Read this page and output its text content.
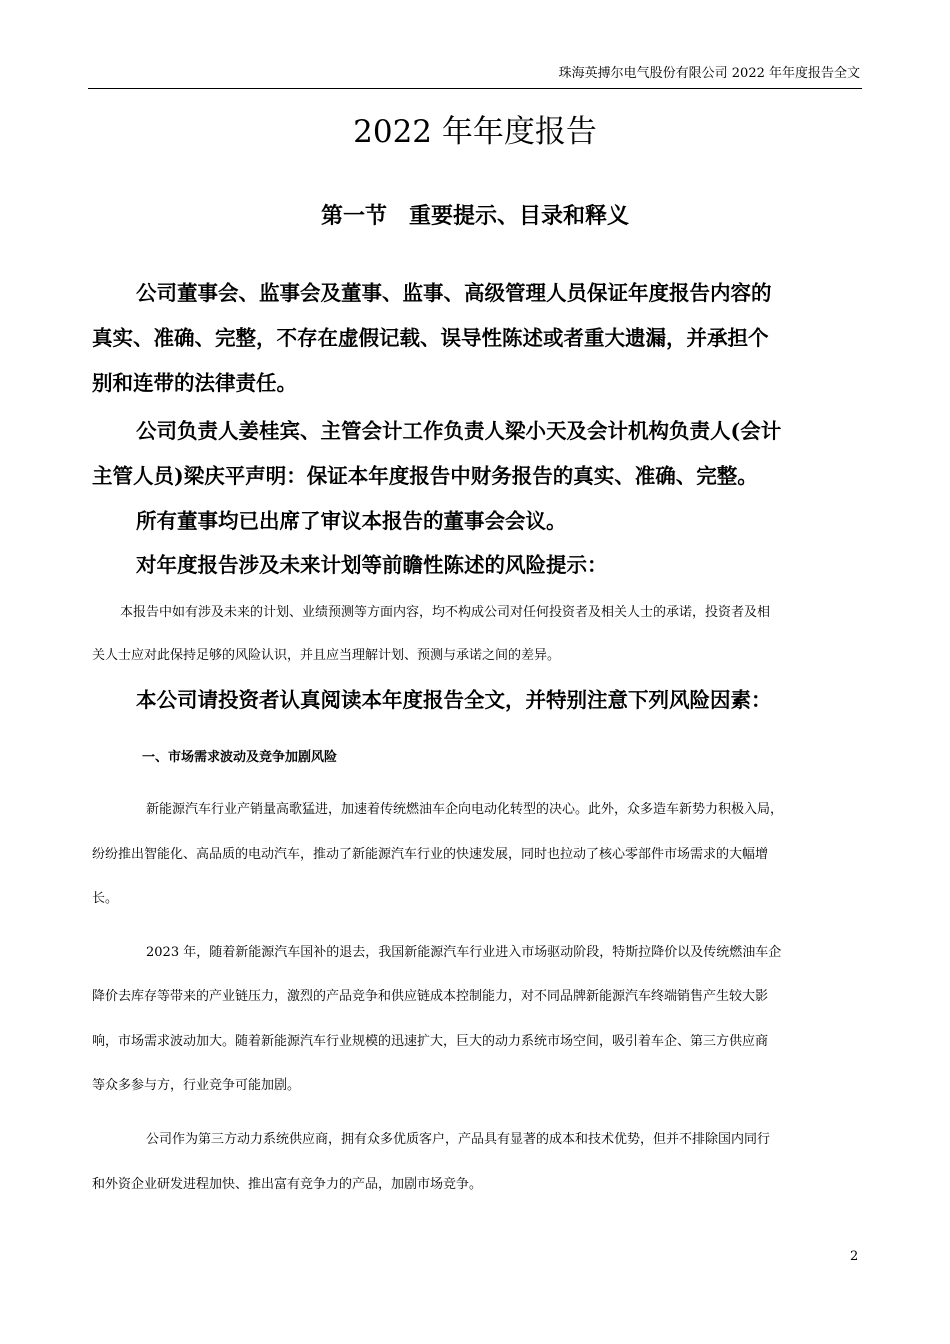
珠海英搏尔电气股份有限公司 2022 年年度报告全文
2022 年年度报告
第一节　重要提示、目录和释义
公司董事会、监事会及董事、监事、高级管理人员保证年度报告内容的
真实、准确、完整，不存在虚假记载、误导性陈述或者重大遗漏，并承担个
别和连带的法律责任。
公司负责人姜桂宾、主管会计工作负责人梁小天及会计机构负责人(会计
主管人员)梁庆平声明：保证本年度报告中财务报告的真实、准确、完整。
所有董事均已出席了审议本报告的董事会会议。
对年度报告涉及未来计划等前瞻性陈述的风险提示：
本报告中如有涉及未来的计划、业绩预测等方面内容，均不构成公司对任何投资者及相关人士的承诺，投资者及相
关人士应对此保持足够的风险认识，并且应当理解计划、预测与承诺之间的差异。
本公司请投资者认真阅读本年度报告全文，并特别注意下列风险因素：
一、市场需求波动及竞争加剧风险
新能源汽车行业产销量高歌猛进，加速着传统燃油车企向电动化转型的决心。此外，众多造车新势力积极入局，
纷纷推出智能化、高品质的电动汽车，推动了新能源汽车行业的快速发展，同时也拉动了核心零部件市场需求的大幅增
长。
2023 年，随着新能源汽车国补的退去，我国新能源汽车行业进入市场驱动阶段，特斯拉降价以及传统燃油车企
降价去库存等带来的产业链压力，激烈的产品竞争和供应链成本控制能力，对不同品牌新能源汽车终端销售产生较大影
响，市场需求波动加大。随着新能源汽车行业规模的迅速扩大，巨大的动力系统市场空间，吸引着车企、第三方供应商
等众多参与方，行业竞争可能加剧。
公司作为第三方动力系统供应商，拥有众多优质客户，产品具有显著的成本和技术优势，但并不排除国内同行
和外资企业研发进程加快、推出富有竞争力的产品，加剧市场竞争。
2
